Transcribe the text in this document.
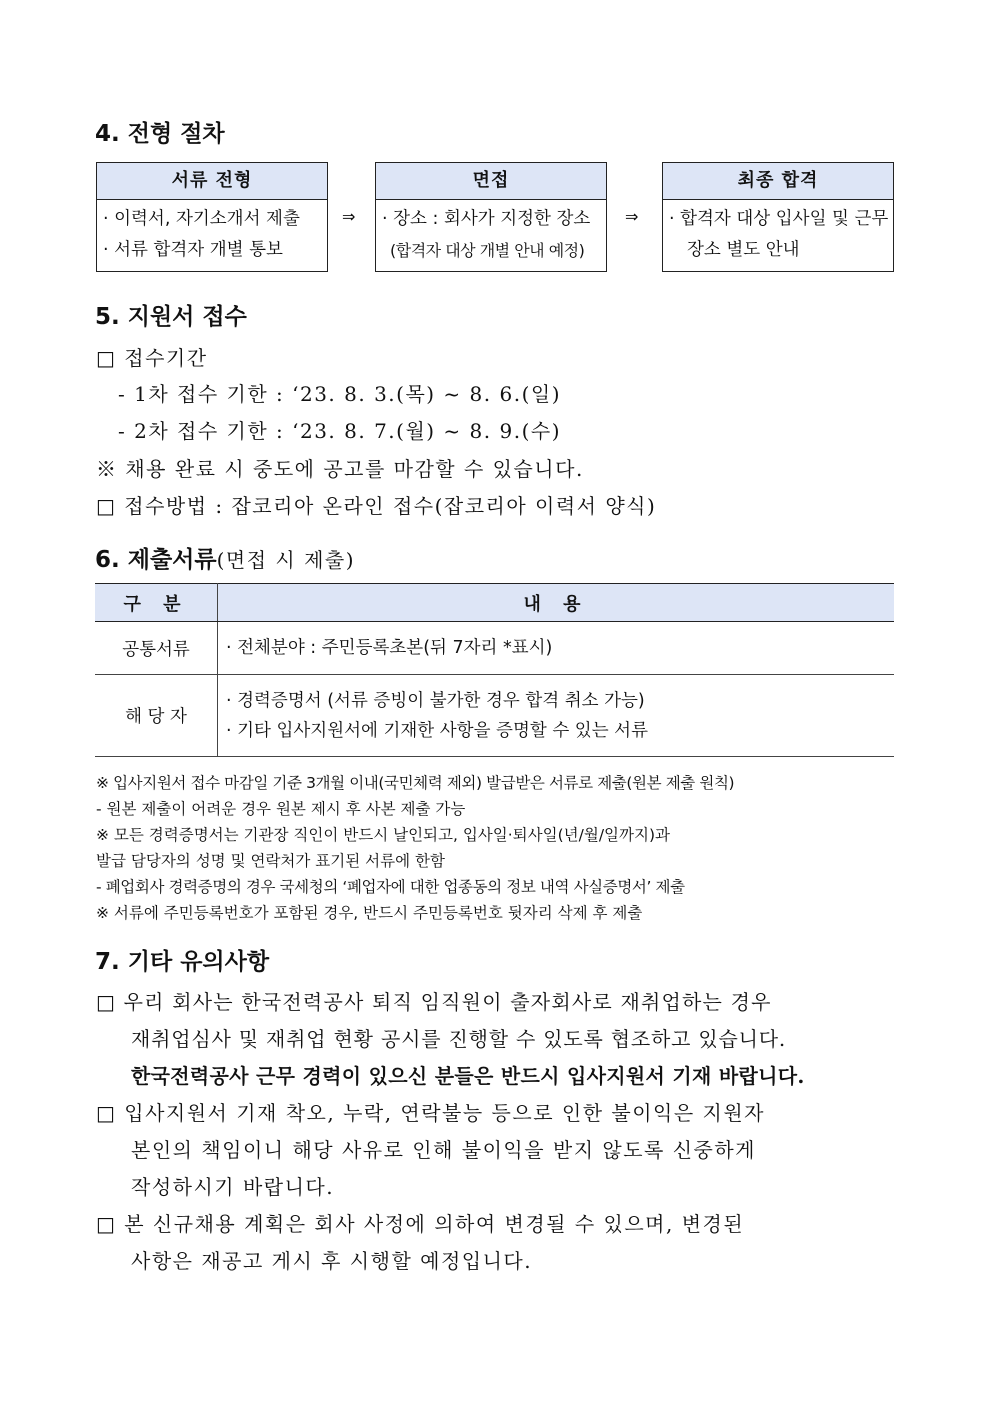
4. 전형 절차
서류 전형
· 이력서, 자기소개서 제출
· 서류 합격자 개별 통보
⇒
면접
· 장소 : 회사가 지정한 장소
(합격자 대상 개별 안내 예정)
⇒
최종 합격
· 합격자 대상 입사일 및 근무
장소 별도 안내
5. 지원서 접수
□ 접수기간
- 1차 접수 기한 : ‘23. 8. 3.(목) ~ 8. 6.(일)
- 2차 접수 기한 : ‘23. 8. 7.(월) ~ 8. 9.(수)
※ 채용 완료 시 중도에 공고를 마감할 수 있습니다.
□ 접수방법 : 잡코리아 온라인 접수(잡코리아 이력서 양식)
6. 제출서류(면접 시 제출)
구 분	내 용
공통서류	· 전체분야 : 주민등록초본(뒤 7자리 *표시)
해 당 자	· 경력증명서 (서류 증빙이 불가한 경우 합격 취소 가능)
· 기타 입사지원서에 기재한 사항을 증명할 수 있는 서류
※ 입사지원서 접수 마감일 기준 3개월 이내(국민체력 제외) 발급받은 서류로 제출(원본 제출 원칙)
- 원본 제출이 어려운 경우 원본 제시 후 사본 제출 가능
※ 모든 경력증명서는 기관장 직인이 반드시 날인되고, 입사일·퇴사일(년/월/일까지)과
발급 담당자의 성명 및 연락처가 표기된 서류에 한함
- 폐업회사 경력증명의 경우 국세청의 ‘폐업자에 대한 업종동의 정보 내역 사실증명서’ 제출
※ 서류에 주민등록번호가 포함된 경우, 반드시 주민등록번호 뒷자리 삭제 후 제출
7. 기타 유의사항
□ 우리 회사는 한국전력공사 퇴직 임직원이 출자회사로 재취업하는 경우
재취업심사 및 재취업 현황 공시를 진행할 수 있도록 협조하고 있습니다.
한국전력공사 근무 경력이 있으신 분들은 반드시 입사지원서 기재 바랍니다.
□ 입사지원서 기재 착오, 누락, 연락불능 등으로 인한 불이익은 지원자
본인의 책임이니 해당 사유로 인해 불이익을 받지 않도록 신중하게
작성하시기 바랍니다.
□ 본 신규채용 계획은 회사 사정에 의하여 변경될 수 있으며, 변경된
사항은 재공고 게시 후 시행할 예정입니다.
